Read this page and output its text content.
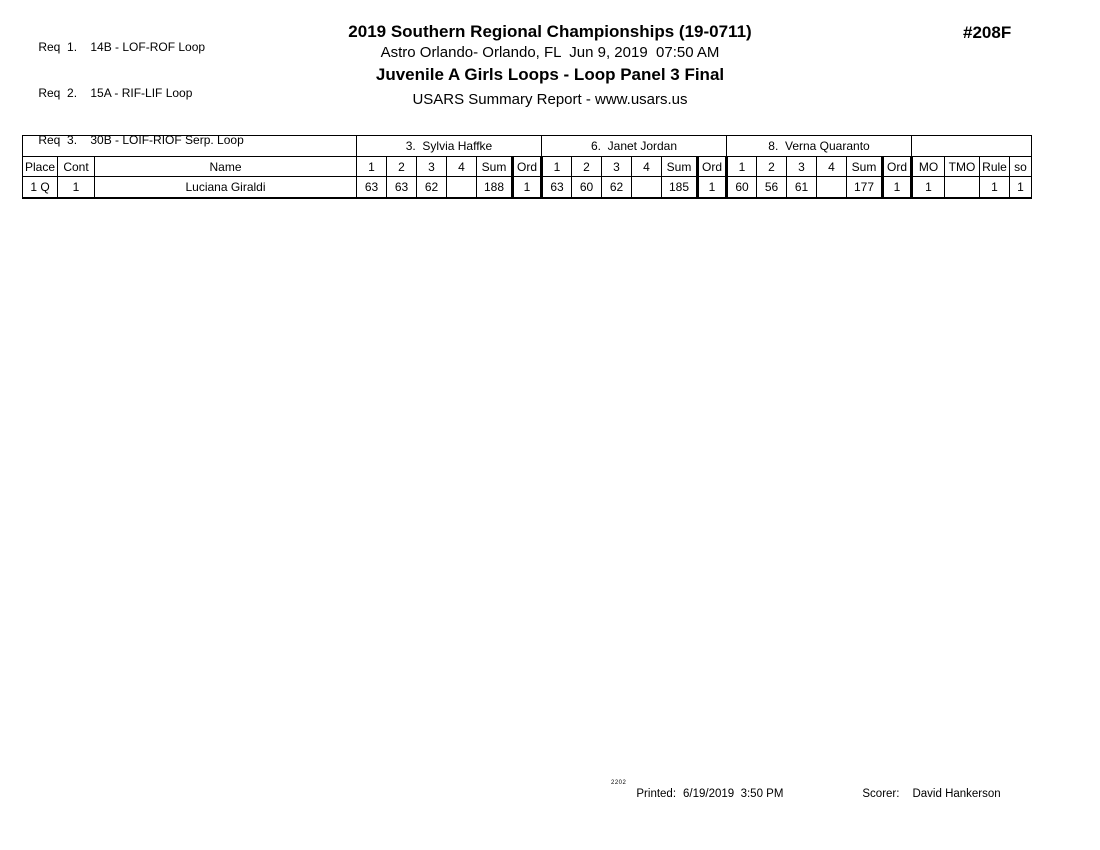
Req  1. 14B - LOF-ROF Loop

Req  2. 15A - RIF-LIF Loop

Req  3. 30B - LOIF-RIOF Serp. Loop

2019 Southern Regional Championships (19-0711)
Astro Orlando- Orlando, FL  Jun 9, 2019  07:50 AM
Juvenile A Girls Loops - Loop Panel 3 Final
USARS Summary Report - www.usars.us
#208F
			3.  Sylvia Haffke						6.  Janet Jordan						8.  Verna Quaranto									
Place	Cont	Name	1	2	3	4	Sum	Ord	1	2	3	4	Sum	Ord	1	2	3	4	Sum	Ord	MO	TMO	Rule	so
1 Q	1	Luciana Giraldi	63	63	62		188	1	63	60	62		185	1	60	56	61		177	1	1		1	1
2202

Printed: 6/19/2019  3:50 PM	Scorer: David Hankerson
